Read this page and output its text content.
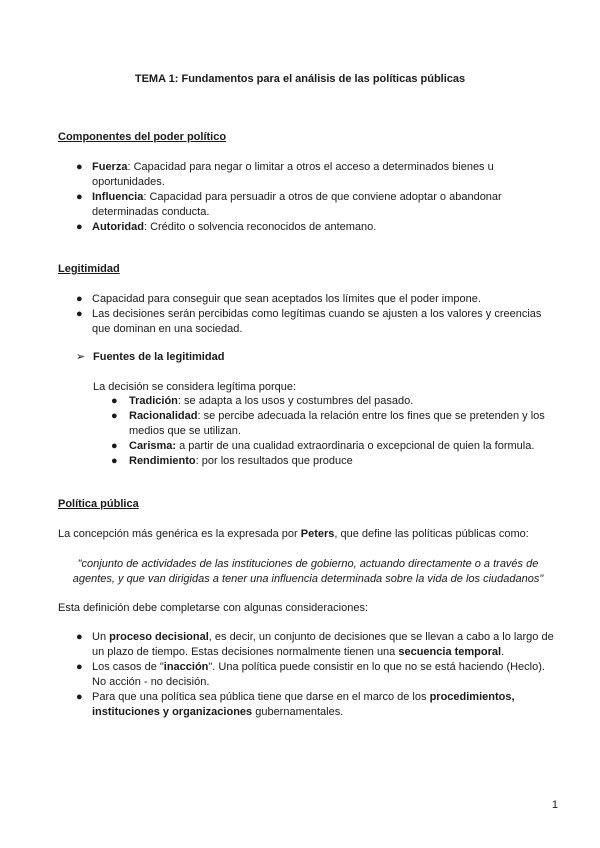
TEMA 1: Fundamentos para el análisis de las políticas públicas
Componentes del poder político
● Fuerza: Capacidad para negar o limitar a otros el acceso a determinados bienes u oportunidades.
● Influencia: Capacidad para persuadir a otros de que conviene adoptar o abandonar determinadas conducta.
● Autoridad: Crédito o solvencia reconocidos de antemano.
Legitimidad
● Capacidad para conseguir que sean aceptados los límites que el poder impone.
● Las decisiones serán percibidas como legítimas cuando se ajusten a los valores y creencias que dominan en una sociedad.
➢ Fuentes de la legitimidad
La decisión se considera legítima porque:
● Tradición: se adapta a los usos y costumbres del pasado.
● Racionalidad: se percibe adecuada la relación entre los fines que se pretenden y los medios que se utilizan.
● Carisma: a partir de una cualidad extraordinaria o excepcional de quien la formula.
● Rendimiento: por los resultados que produce
Política pública
La concepción más genérica es la expresada por Peters, que define las políticas públicas como:
"conjunto de actividades de las instituciones de gobierno, actuando directamente o a través de agentes, y que van dirigidas a tener una influencia determinada sobre la vida de los ciudadanos"
Esta definición debe completarse con algunas consideraciones:
● Un proceso decisional, es decir, un conjunto de decisiones que se llevan a cabo a lo largo de un plazo de tiempo. Estas decisiones normalmente tienen una secuencia temporal.
● Los casos de "inacción". Una política puede consistir en lo que no se está haciendo (Heclo). No acción - no decisión.
● Para que una política sea pública tiene que darse en el marco de los procedimientos, instituciones y organizaciones gubernamentales.
1
